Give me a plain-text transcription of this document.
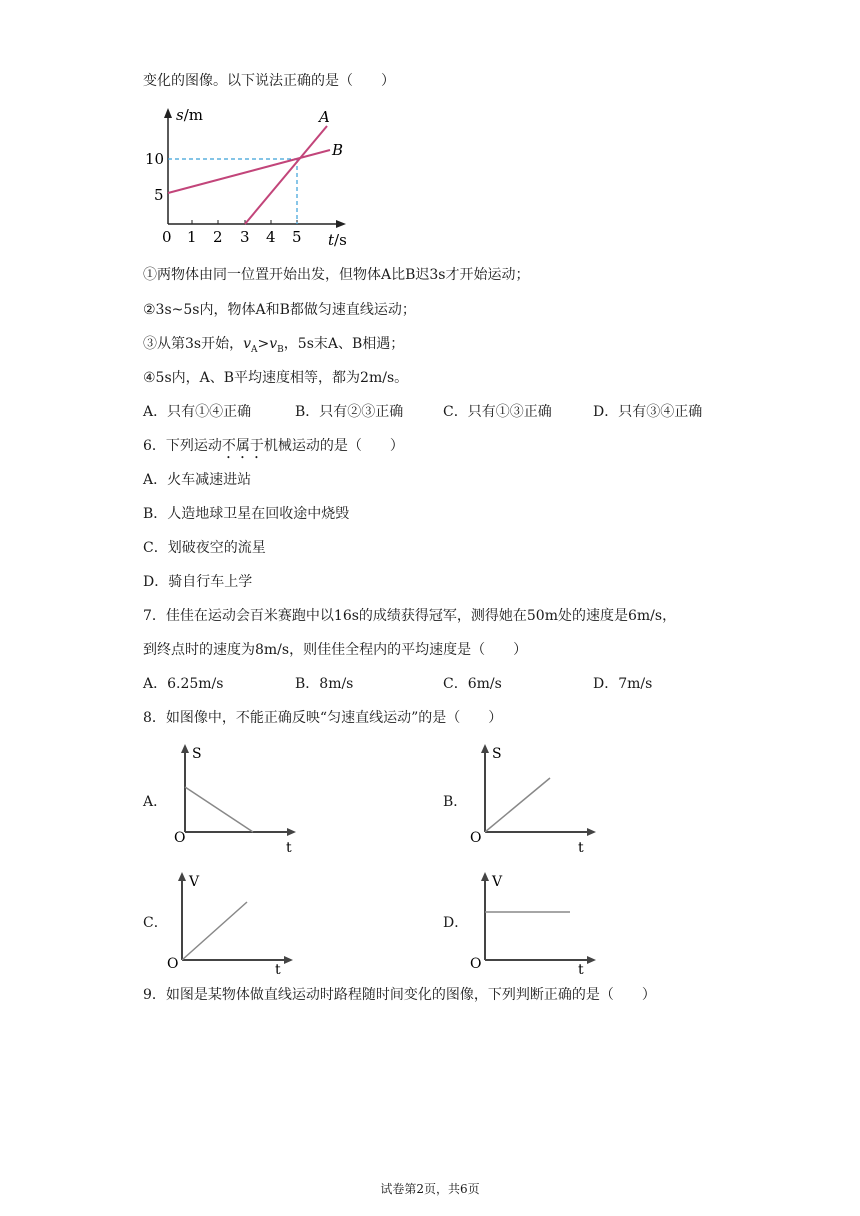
变化的图像。以下说法正确的是（　　）
s/m
t/s
5
10
0 1 2 3 4 5
A
B
①两物体由同一位置开始出发，但物体A比B迟3s才开始运动；
②3s~5s内，物体A和B都做匀速直线运动；
③从第3s开始，$v_A>v_B$，5s末A、B相遇；
④5s内，A、B平均速度相等，都为2m/s。
A．只有①④正确	B．只有②③正确	C．只有①③正确	D．只有③④正确
6．下列运动不属于机械运动的是（　　）
A．火车减速进站
B．人造地球卫星在回收途中烧毁
C．划破夜空的流星
D．骑自行车上学
7．佳佳在运动会百米赛跑中以16s的成绩获得冠军，测得她在50m处的速度是6m/s，
到终点时的速度为8m/s，则佳佳全程内的平均速度是（　　）
A．6.25m/s	B．8m/s	C．6m/s	D．7m/s
8．如图像中，不能正确反映“匀速直线运动”的是（　　）
A．
S
O
t
B．
S
O
t
C．
V
O	t
D．
V
O	t
9．如图是某物体做直线运动时路程随时间变化的图像，下列判断正确的是（　　）
试卷第2页，共6页
